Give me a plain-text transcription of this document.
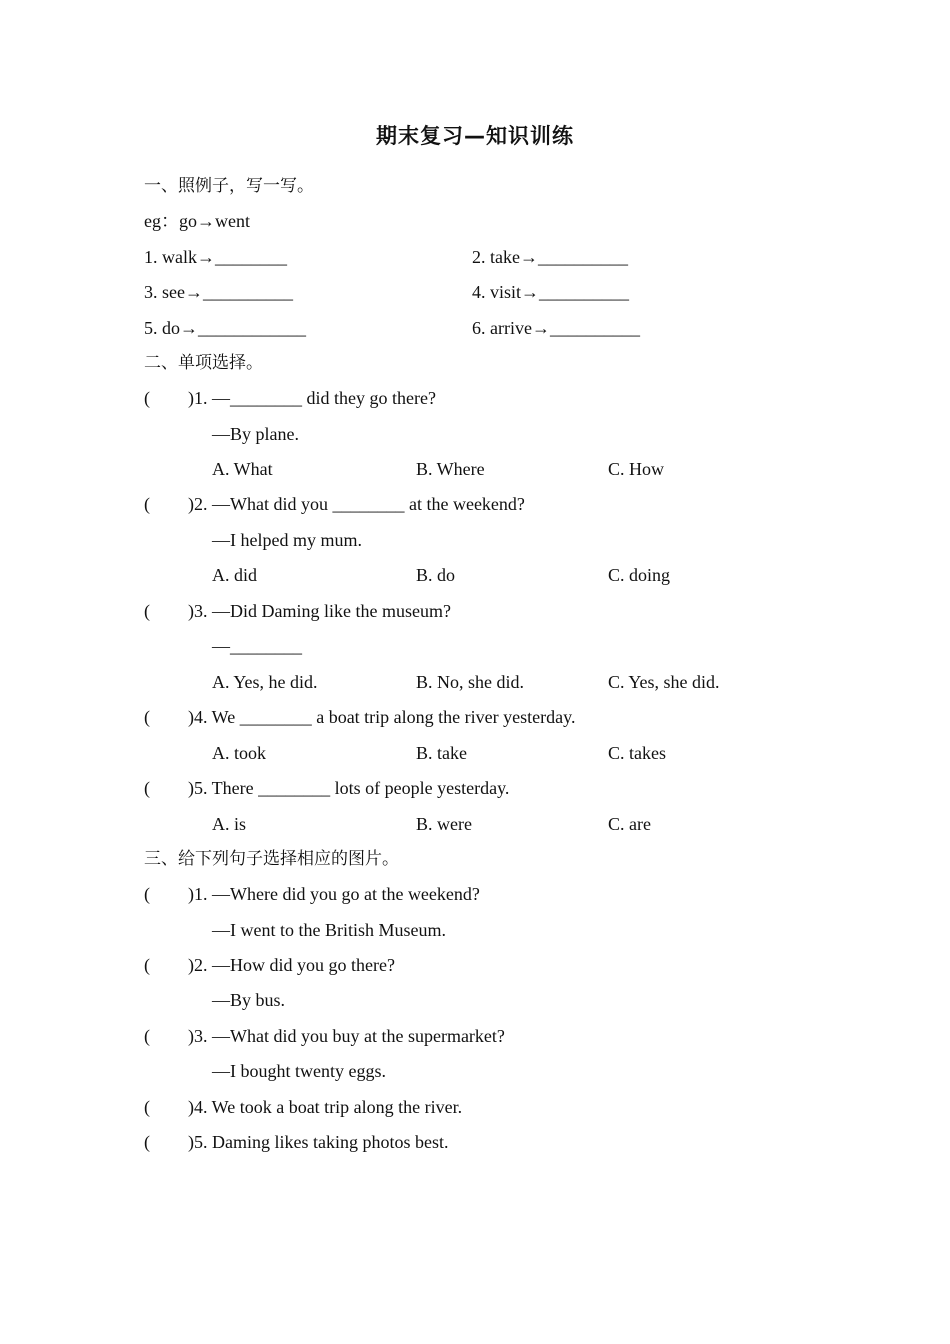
期末复习—知识训练
一、照例子，写一写。
eg：go→went
1. walk→________	2. take→__________
3. see→__________	4. visit→__________
5. do→____________	6. arrive→__________
二、单项选择。
( )1. —________ did they go there?
—By plane.
A. What	B. Where	C. How
( )2. —What did you ________ at the weekend?
—I helped my mum.
A. did	B. do	C. doing
( )3. —Did Daming like the museum?
—________
A. Yes, he did.	B. No, she did.	C. Yes, she did.
( )4. We ________ a boat trip along the river yesterday.
A. took	B. take	C. takes
( )5. There ________ lots of people yesterday.
A. is	B. were	C. are
三、给下列句子选择相应的图片。
( )1. —Where did you go at the weekend?
—I went to the British Museum.
( )2. —How did you go there?
—By bus.
( )3. —What did you buy at the supermarket?
—I bought twenty eggs.
( )4. We took a boat trip along the river.
( )5. Daming likes taking photos best.
